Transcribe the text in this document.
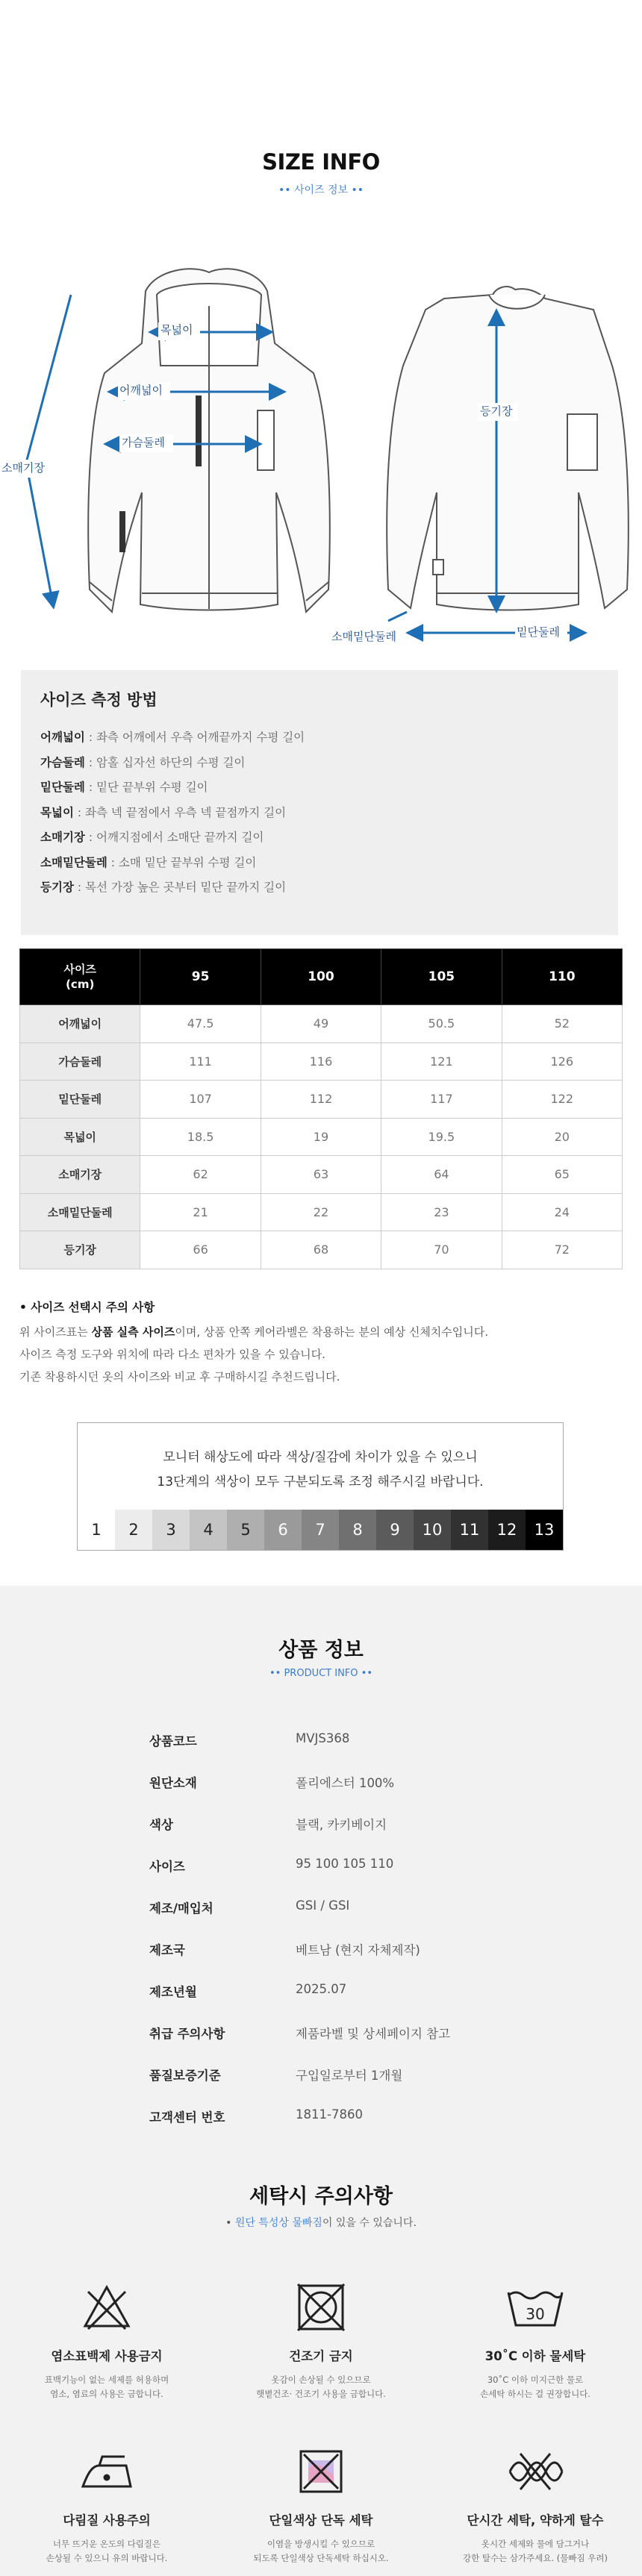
SIZE INFO
•• 사이즈 정보 ••
목넓이
어깨넓이
가슴둘레
소매기장
등기장
소매밑단둘레	밑단둘레
사이즈 측정 방법
어깨넓이 : 좌측 어깨에서 우측 어깨끝까지 수평 길이
가슴둘레 : 암홀 십자선 하단의 수평 길이
밑단둘레 : 밑단 끝부위 수평 길이
목넓이 : 좌측 넥 끝점에서 우측 넥 끝점까지 길이
소매기장 : 어깨지점에서 소매단 끝까지 길이
소매밑단둘레 : 소매 밑단 끝부위 수평 길이
등기장 : 목선 가장 높은 곳부터 밑단 끝까지 길이
사이즈
(cm)	95	100	105	110
어깨넓이	47.5	49	50.5	52
가슴둘레	111	116	121	126
밑단둘레	107	112	117	122
목넓이	18.5	19	19.5	20
소매기장	62	63	64	65
소매밑단둘레	21	22	23	24
등기장	66	68	70	72
• 사이즈 선택시 주의 사항
위 사이즈표는 상품 실측 사이즈이며, 상품 안쪽 케어라벨은 착용하는 분의 예상 신체치수입니다.
사이즈 측정 도구와 위치에 따라 다소 편차가 있을 수 있습니다.
기존 착용하시던 옷의 사이즈와 비교 후 구매하시길 추천드립니다.
모니터 해상도에 따라 색상/질감에 차이가 있을 수 있으니
13단계의 색상이 모두 구분되도록 조정 해주시길 바랍니다.
1	2	3	4	5	6	7	8	9	10	11	12	13
상품 정보
•• PRODUCT INFO ••
상품코드	MVJS368
원단소재	폴리에스터 100%
색상	블랙, 카키베이지
사이즈	95 100 105 110
제조/매입처	GSI / GSI
제조국	베트남 (현지 자체제작)
제조년월	2025.07
취급 주의사항	제품라벨 및 상세페이지 참고
품질보증기준	구입일로부터 1개월
고객센터 번호	1811-7860
세탁시 주의사항
• 원단 특성상 물빠짐이 있을 수 있습니다.
염소표백제 사용금지
표백기능이 없는 세제를 허용하며
염소, 염료의 사용은 금합니다.
건조기 금지
옷감이 손상될 수 있으므로
햇볕건조· 건조기 사용을 금합니다.
30
30˚C 이하 물세탁
30˚C 이하 미지근한 물로
손세탁 하시는 걸 권장합니다.
다림질 사용주의
너무 뜨거운 온도의 다림질은
손상될 수 있으니 유의 바랍니다.
단일색상 단독 세탁
이염을 방생시킬 수 있으므로
되도록 단일색상 단독세탁 하십시오.
단시간 세탁, 약하게 탈수
옷시간 세제와 물에 담그거나
강한 탈수는 삼가주세요. (물빠짐 우려)
